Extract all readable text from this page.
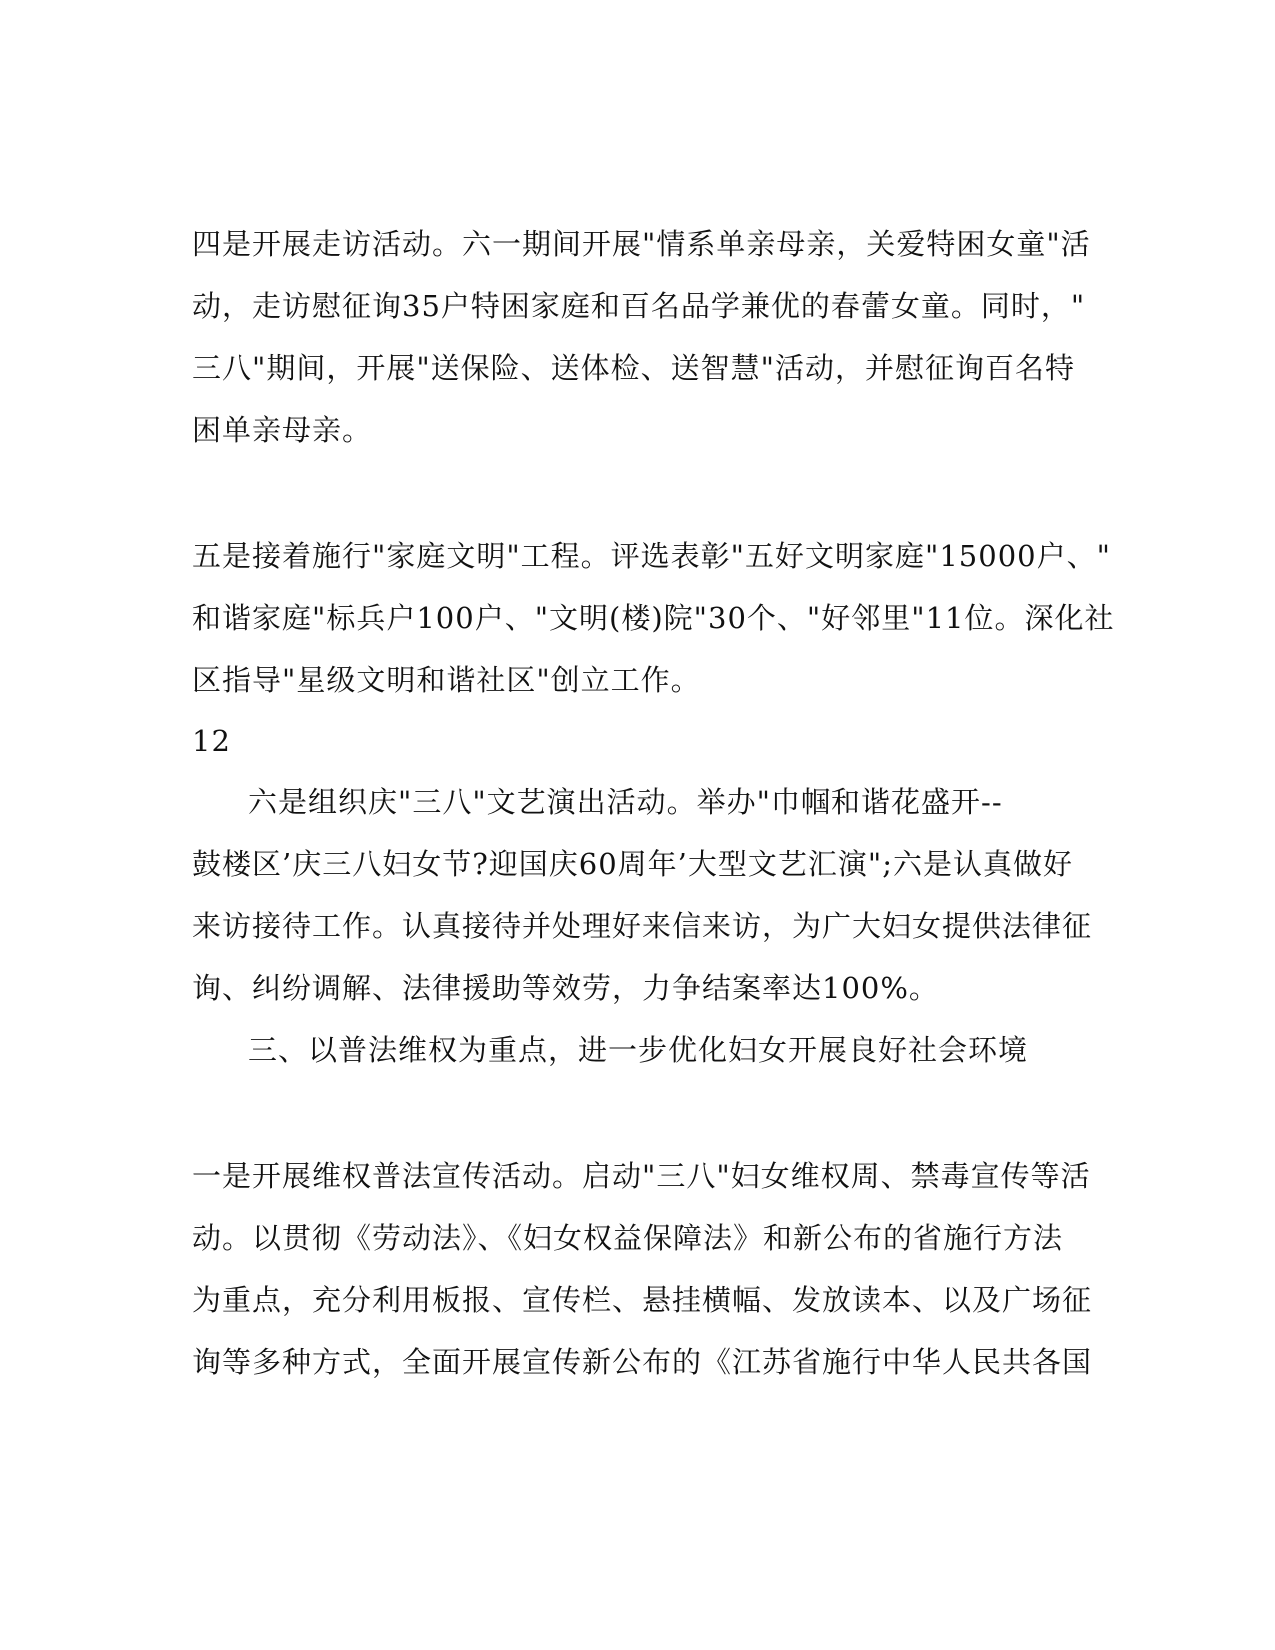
四是开展走访活动。六一期间开展"情系单亲母亲，关爱特困女童"活
动，走访慰征询35户特困家庭和百名品学兼优的春蕾女童。同时，"
三八"期间，开展"送保险、送体检、送智慧"活动，并慰征询百名特
困单亲母亲。
五是接着施行"家庭文明"工程。评选表彰"五好文明家庭"15000户、"
和谐家庭"标兵户100户、"文明(楼)院"30个、"好邻里"11位。深化社
区指导"星级文明和谐社区"创立工作。
12
六是组织庆"三八"文艺演出活动。举办"巾帼和谐花盛开--
鼓楼区’庆三八妇女节?迎国庆60周年’大型文艺汇演";六是认真做好
来访接待工作。认真接待并处理好来信来访，为广大妇女提供法律征
询、纠纷调解、法律援助等效劳，力争结案率达100%。
三、以普法维权为重点，进一步优化妇女开展良好社会环境
一是开展维权普法宣传活动。启动"三八"妇女维权周、禁毒宣传等活
动。以贯彻《劳动法》、《妇女权益保障法》和新公布的省施行方法
为重点，充分利用板报、宣传栏、悬挂横幅、发放读本、以及广场征
询等多种方式，全面开展宣传新公布的《江苏省施行中华人民共各国
